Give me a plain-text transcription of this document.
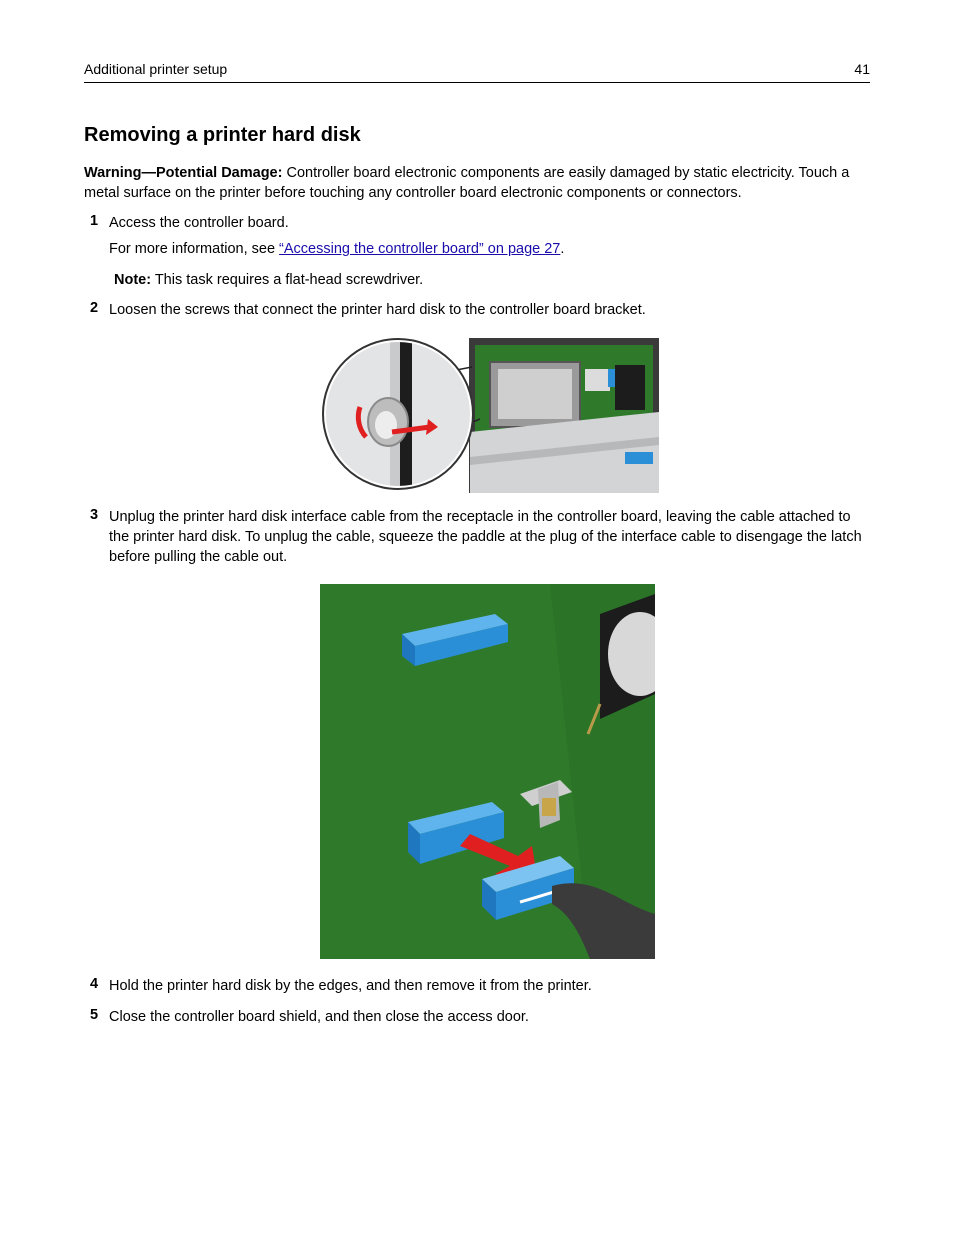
Additional printer setup	41
Removing a printer hard disk
Warning—Potential Damage: Controller board electronic components are easily damaged by static electricity. Touch a metal surface on the printer before touching any controller board electronic components or connectors.
1 Access the controller board.
For more information, see “Accessing the controller board” on page 27.
Note: This task requires a flat-head screwdriver.
2 Loosen the screws that connect the printer hard disk to the controller board bracket.
3 Unplug the printer hard disk interface cable from the receptacle in the controller board, leaving the cable attached to the printer hard disk. To unplug the cable, squeeze the paddle at the plug of the interface cable to disengage the latch before pulling the cable out.
4 Hold the printer hard disk by the edges, and then remove it from the printer.
5 Close the controller board shield, and then close the access door.
